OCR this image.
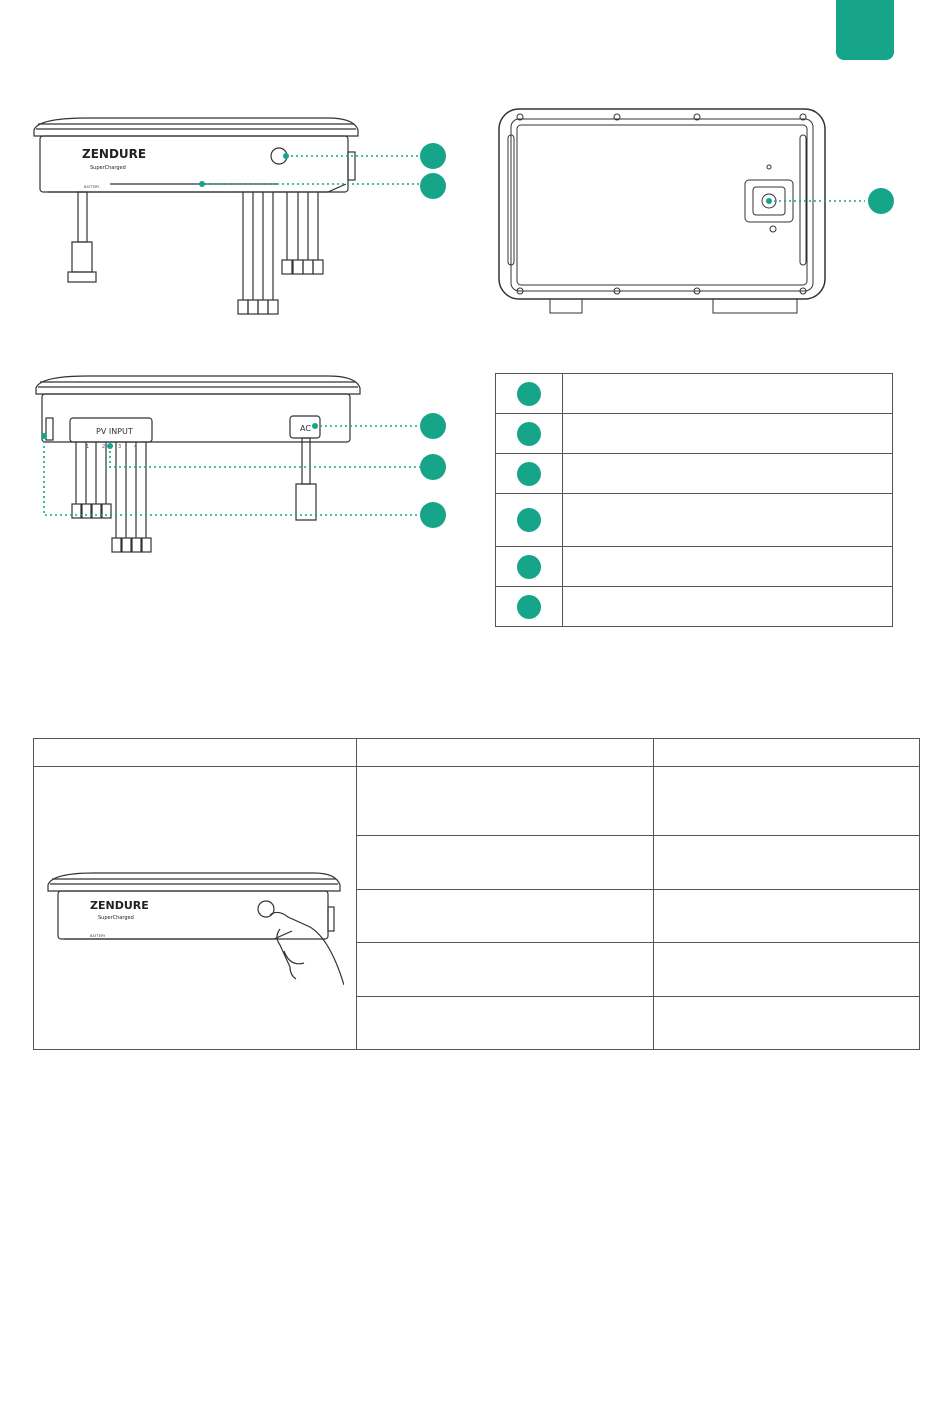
ZENDURE
SuperCharged
BATTERY
PV INPUT	AC
1	2	3	4

ZENDURE
SuperCharged
BATTERY		
